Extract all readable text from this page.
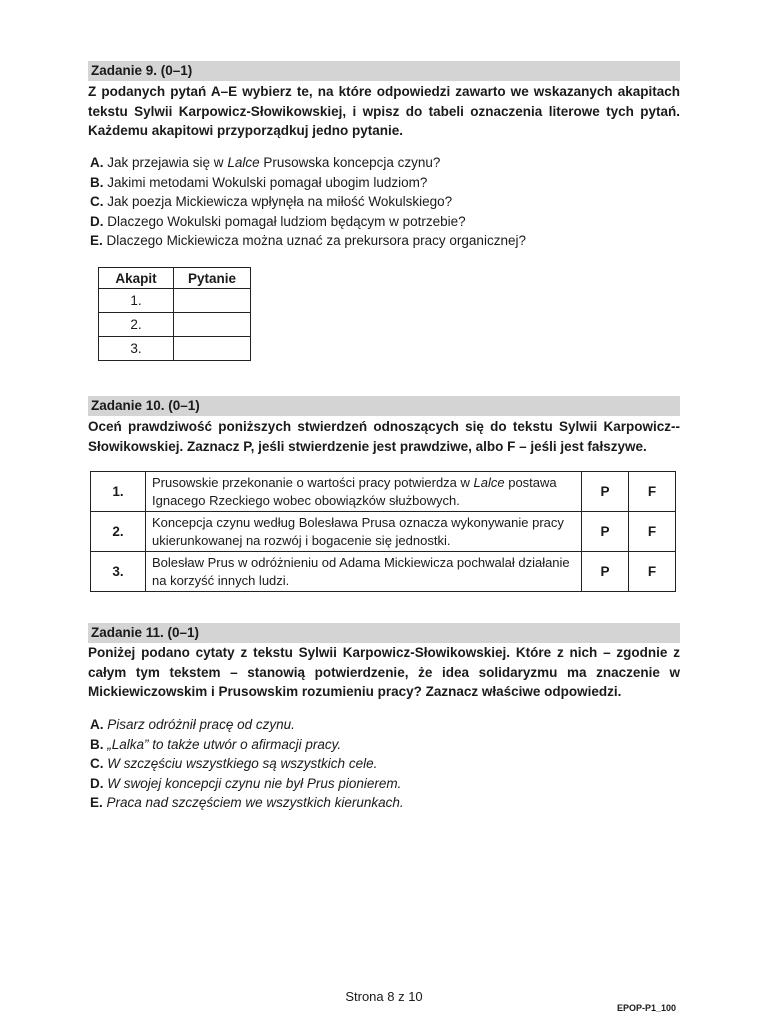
Zadanie 9. (0–1)

Z podanych pytań A–E wybierz te, na które odpowiedzi zawarto we wskazanych akapitach tekstu Sylwii Karpowicz-Słowikowskiej, i wpisz do tabeli oznaczenia literowe tych pytań. Każdemu akapitowi przyporządkuj jedno pytanie.

A. Jak przejawia się w Lalce Prusowska koncepcja czynu?
B. Jakimi metodami Wokulski pomagał ubogim ludziom?
C. Jak poezja Mickiewicza wpłynęła na miłość Wokulskiego?
D. Dlaczego Wokulski pomagał ludziom będącym w potrzebie?
E. Dlaczego Mickiewicza można uznać za prekursora pracy organicznej?
Akapit	Pytanie
1.	
2.	
3.	
Zadanie 10. (0–1)

Oceń prawdziwość poniższych stwierdzeń odnoszących się do tekstu Sylwii Karpowicz--Słowikowskiej. Zaznacz P, jeśli stwierdzenie jest prawdziwe, albo F – jeśli jest fałszywe.

1.	Prusowskie przekonanie o wartości pracy potwierdza w Lalce postawa Ignacego Rzeckiego wobec obowiązków służbowych.	P	F
2.	Koncepcja czynu według Bolesława Prusa oznacza wykonywanie pracy ukierunkowanej na rozwój i bogacenie się jednostki.	P	F
3.	Bolesław Prus w odróżnieniu od Adama Mickiewicza pochwalał działanie na korzyść innych ludzi.	P	F
Zadanie 11. (0–1)

Poniżej podano cytaty z tekstu Sylwii Karpowicz-Słowikowskiej. Które z nich – zgodnie z całym tym tekstem – stanowią potwierdzenie, że idea solidaryzmu ma znaczenie w Mickiewiczowskim i Prusowskim rozumieniu pracy? Zaznacz właściwe odpowiedzi.

A. Pisarz odróżnił pracę od czynu.
B. „Lalka” to także utwór o afirmacji pracy.
C. W szczęściu wszystkiego są wszystkich cele.
D. W swojej koncepcji czynu nie był Prus pionierem.
E. Praca nad szczęściem we wszystkich kierunkach.
Strona 8 z 10
EPOP-P1_100
